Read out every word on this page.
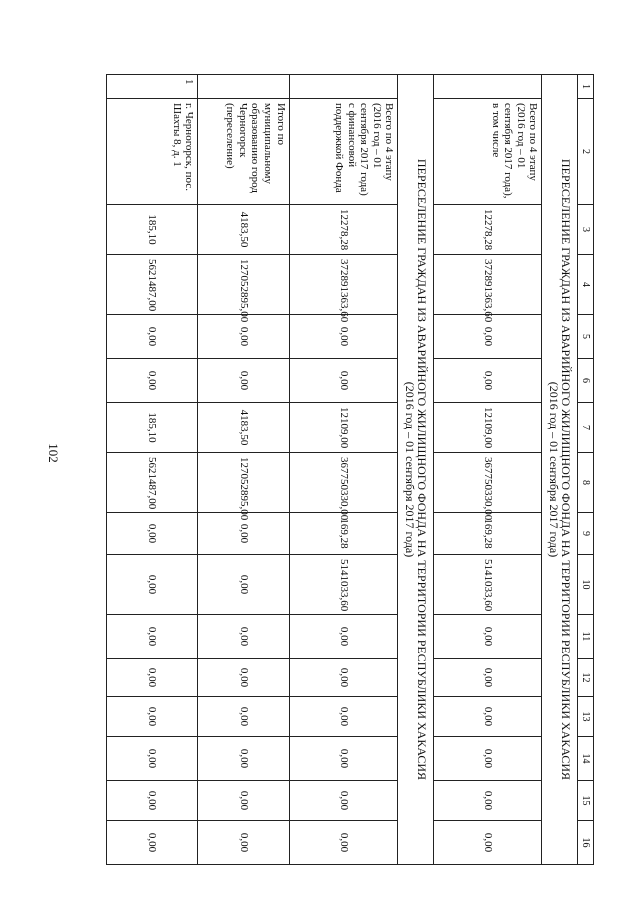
102
1	2	3	4	5	6	7	8	9	10	11	12	13	14	15	16

ПЕРЕСЕЛЕНИЕ ГРАЖДАН ИЗ АВАРИЙНОГО ЖИЛИЩНОГО ФОНДА НА ТЕРРИТОРИИ РЕСПУБЛИКИ ХАКАСИЯ
(2016 год – 01 сентября 2017 года)															

	Всего по 4 этапу (2016 год – 01 сентября 2017 года), в том числе	12278,28	372891363,60	0,00	0,00	12109,00	367750330,00	169,28	5141033,60	0,00	0,00	0,00	0,00	0,00	0,00

ПЕРЕСЕЛЕНИЕ ГРАЖДАН ИЗ АВАРИЙНОГО ЖИЛИЩНОГО ФОНДА НА ТЕРРИТОРИИ РЕСПУБЛИКИ ХАКАСИЯ
(2016 год – 01 сентября 2017 года)															

	Всего по 4 этапу (2016 год – 01 сентября 2017 года) с финансовой поддержкой Фонда	12278,28	372891363,60	0,00	0,00	12109,00	367750330,00	169,28	5141033,60	0,00	0,00	0,00	0,00	0,00	0,00
	Итого по муниципальному образованию город Черногорск (переселение)	4183,50	127052895,00	0,00	0,00	4183,50	127052895,00	0,00	0,00	0,00	0,00	0,00	0,00	0,00	0,00
1	г. Черногорск, пос. Шахты 8, д. 1	185,10	5621487,00	0,00	0,00	185,10	5621487,00	0,00	0,00	0,00	0,00	0,00	0,00	0,00	0,00
